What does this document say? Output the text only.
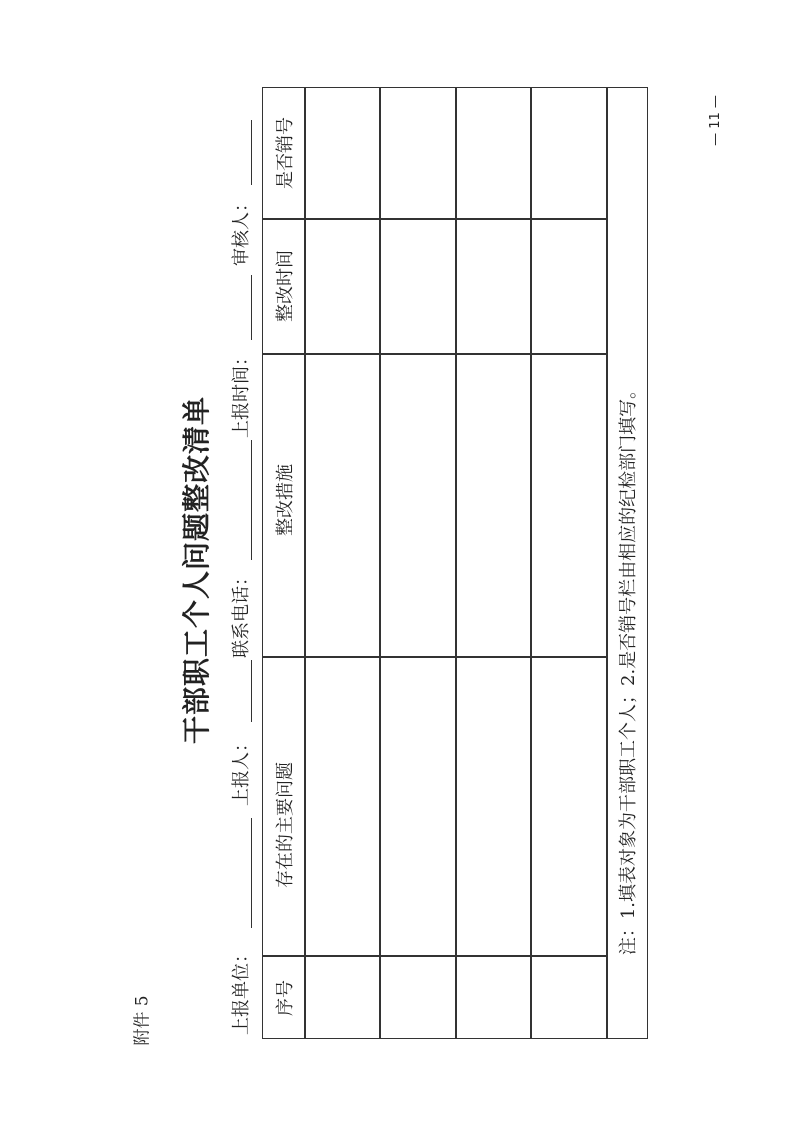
附件 5
干部职工个人问题整改清单
上报单位：
上报人：
联系电话：
上报时间：
审核人：
序号
存在的主要问题
整改措施
整改时间
是否销号
注：1.填表对象为干部职工个人；2.是否销号栏由相应的纪检部门填写。
— 11 —
